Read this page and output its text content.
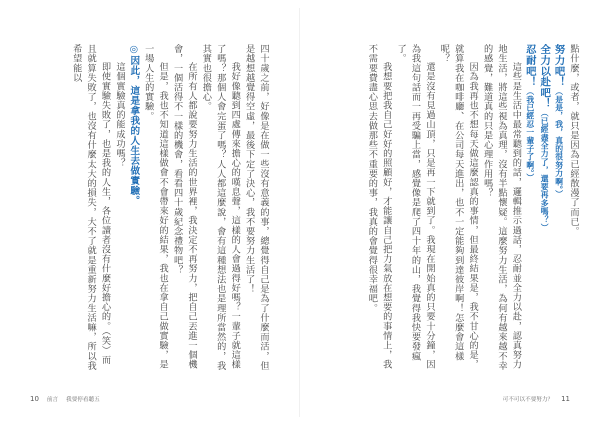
點什麼，或者，就只是因為已經散漫了而已。
努力吧！（是是，我，真的很努力啊。）
全力以赴吧！（已經盡全力了，還要再多嗎？）
忍耐吧！（我已經忍一輩子了啊。）
這些是生活中最常聽到的話，邏輯推示過話，忍耐並全力以赴，認真努力地生活，將這些視為真理，沒有半點懷疑。這麼努力生活，為何有越來越不幸的感覺，難道真的只是心理作用嗎？
因為我再也不想每天做這麼認真的事情，但最終結果是，我不甘心的是，就算我在咖啡廳、在公司每天進出，也不一定能夠到達彼岸啊！怎麼會這樣呢？
還是沒有見過山頂，只是再一下就到了。我現在開始真的只要十分鐘，因為我這句話而一再受騙上當，感覺像是爬了四十年的山，我覺得我快要發瘋了。
我想要把我自己好好的照顧好，才能讓自己把力氣放在想要的事情上，我不需要費盡心思去做那些不重要的事，我真的會覺得很幸福吧。
可不可以不要努力？ 11
四十歲之前，好像是在做一些沒有意義的事，總覺得自己是為了什麼而活，但是越想越覺得空虛，最後下定了決心，我不要努力生活了！
我好像聽到四處傳來擔心的嘆息聲，這樣的人會過得好嗎？一輩子就這樣了嗎？那個人會完蛋了嗎？人人都這麼說，會有這種想法也是理所當然的，我其實也很擔心。
在所有人都說要努力生活的世界裡，我決定不再努力，把自己丟進一個機會，一個活得不一樣的機會，看看四十歲紀念禮物吧？
但是，我也不知道這樣做會不會帶來好的結果，我也在拿自己做實驗，是一場人生的實驗。
◎因此，這是拿我的人生去做實驗。
這個實驗真的能成功嗎？
即使實驗失敗了，也是我的人生，各位讀者沒有什麼好擔心的。（笑）而且就算失敗了，也沒有什麼太大的損失，大不了就是重新努力生活嘛，所以我希望能以
10 前言 我要停看聽五
